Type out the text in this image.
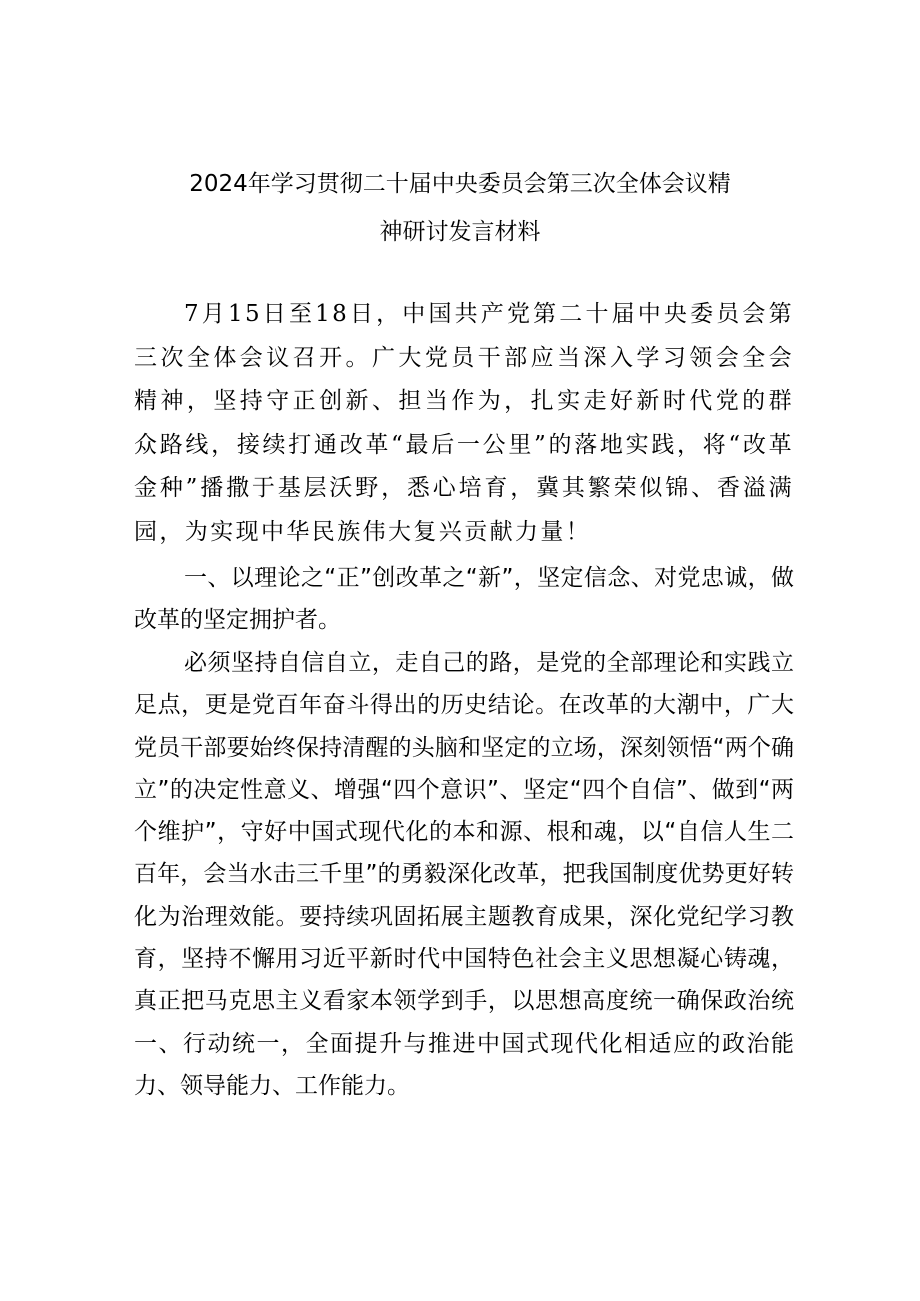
2024年学习贯彻二十届中央委员会第三次全体会议精
神研讨发言材料

7月15日至18日，中国共产党第二十届中央委员会第三次全体会议召开。广大党员干部应当深入学习领会全会精神，坚持守正创新、担当作为，扎实走好新时代党的群众路线，接续打通改革“最后一公里”的落地实践，将“改革金种”播撒于基层沃野，悉心培育，冀其繁荣似锦、香溢满园，为实现中华民族伟大复兴贡献力量！

一、以理论之“正”创改革之“新”，坚定信念、对党忠诚，做改革的坚定拥护者。

必须坚持自信自立，走自己的路，是党的全部理论和实践立足点，更是党百年奋斗得出的历史结论。在改革的大潮中，广大党员干部要始终保持清醒的头脑和坚定的立场，深刻领悟“两个确立”的决定性意义、增强“四个意识”、坚定“四个自信”、做到“两个维护”，守好中国式现代化的本和源、根和魂，以“自信人生二百年，会当水击三千里”的勇毅深化改革，把我国制度优势更好转化为治理效能。要持续巩固拓展主题教育成果，深化党纪学习教育，坚持不懈用习近平新时代中国特色社会主义思想凝心铸魂，真正把马克思主义看家本领学到手，以思想高度统一确保政治统一、行动统一，全面提升与推进中国式现代化相适应的政治能力、领导能力、工作能力。
